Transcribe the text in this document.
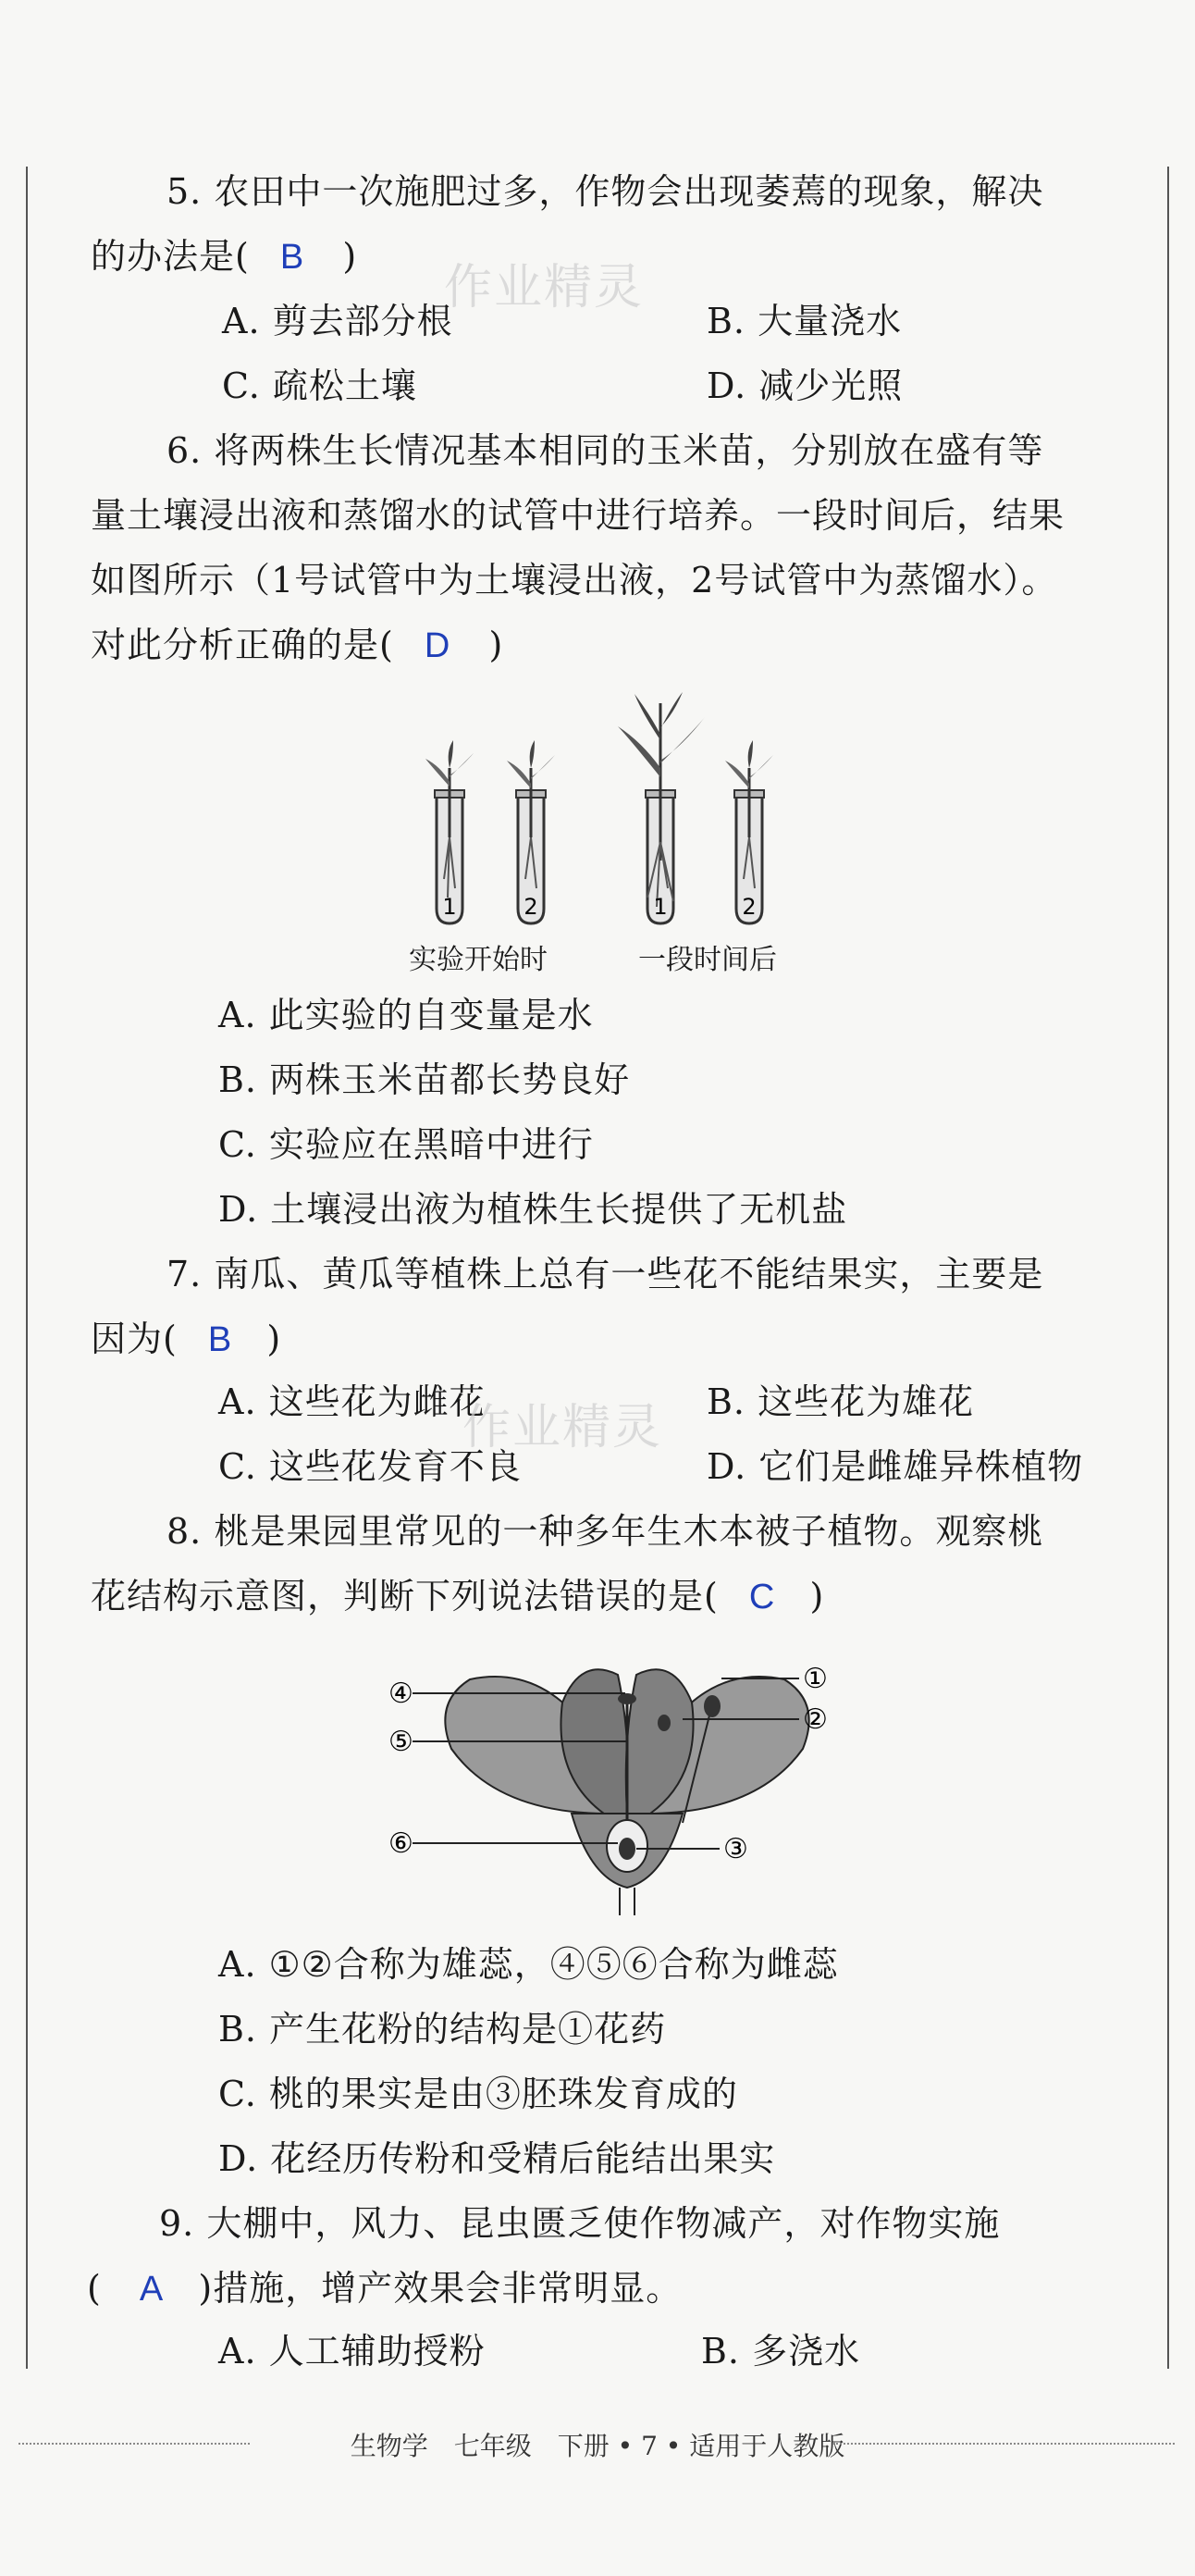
5. 农田中一次施肥过多，作物会出现萎蔫的现象，解决
的办法是( B )
作业精灵
A. 剪去部分根	B. 大量浇水
C. 疏松土壤	D. 减少光照
6. 将两株生长情况基本相同的玉米苗，分别放在盛有等
量土壤浸出液和蒸馏水的试管中进行培养。一段时间后，结果
如图所示（1号试管中为土壤浸出液，2号试管中为蒸馏水）。
对此分析正确的是( D )
1	2	1	2
实验开始时	一段时间后
A. 此实验的自变量是水
B. 两株玉米苗都长势良好
C. 实验应在黑暗中进行
D. 土壤浸出液为植株生长提供了无机盐
7. 南瓜、黄瓜等植株上总有一些花不能结果实，主要是
因为( B )
A. 这些花为雌花	B. 这些花为雄花
作业精灵
C. 这些花发育不良	D. 它们是雌雄异株植物
8. 桃是果园里常见的一种多年生木本被子植物。观察桃
花结构示意图，判断下列说法错误的是( C )
④
⑤
⑥
①
②
③
A. ①②合称为雄蕊，④⑤⑥合称为雌蕊
B. 产生花粉的结构是①花药
C. 桃的果实是由③胚珠发育成的
D. 花经历传粉和受精后能结出果实
9. 大棚中，风力、昆虫匮乏使作物减产，对作物实施
( A )措施，增产效果会非常明显。
A. 人工辅助授粉	B. 多浇水
生物学　七年级　下册 • 7 • 适用于人教版
